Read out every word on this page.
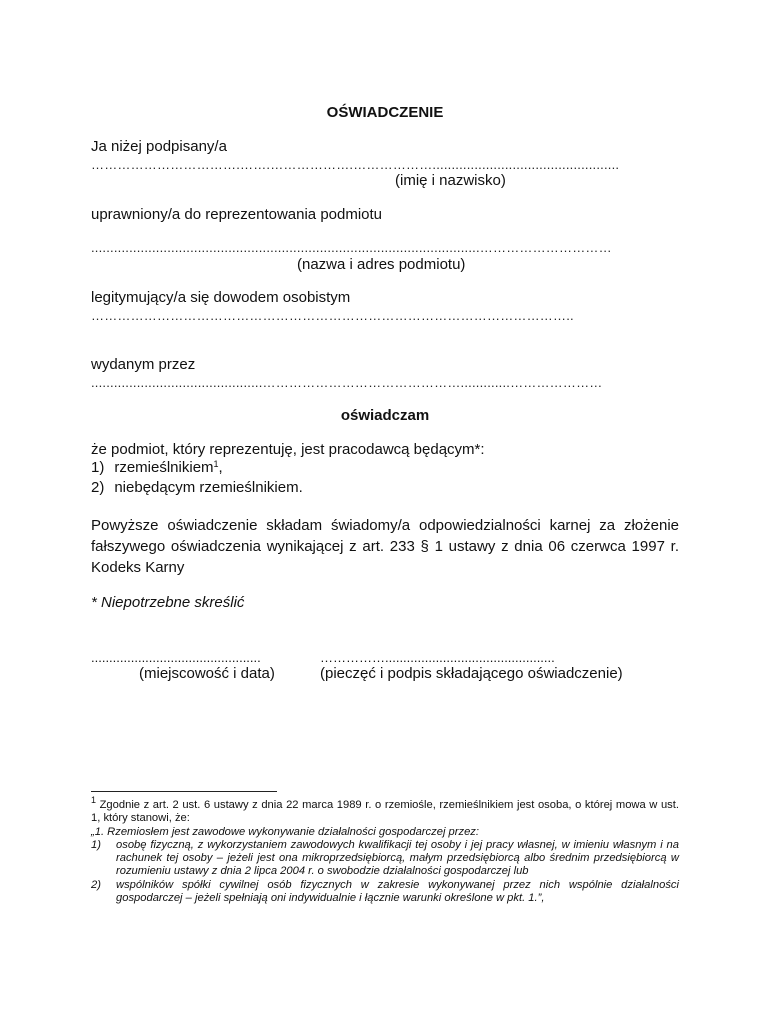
OŚWIADCZENIE
Ja niżej podpisany/a
…………………………….…….……………….……………….................................................
(imię i nazwisko)
uprawniony/a do reprezentowania podmiotu
......................................................................................................…………………………
(nazwa i adres podmiotu)
legitymujący/a się dowodem osobistym
………………………………………………………………………………………………..
wydanym przez
.............................................……………………………………….............…………………
oświadczam
że podmiot, który reprezentuję, jest pracodawcą będącym*:
1) rzemieślnikiem$^1$,
2) niebędącym rzemieślnikiem.
Powyższe oświadczenie składam świadomy/a odpowiedzialności karnej za złożenie fałszywego oświadczenia wynikającej z art. 233 § 1 ustawy z dnia 06 czerwca 1997 r. Kodeks Karny
* Niepotrzebne skreślić
...............................................	……………...............................................
(miejscowość i data)	(pieczęć i podpis składającego oświadczenie)
$^1$ Zgodnie z art. 2 ust. 6 ustawy z dnia 22 marca 1989 r. o rzemiośle, rzemieślnikiem jest osoba, o której mowa w ust. 1, który stanowi, że:
„1. Rzemiosłem jest zawodowe wykonywanie działalności gospodarczej przez:
1)	osobę fizyczną, z wykorzystaniem zawodowych kwalifikacji tej osoby i jej pracy własnej, w imieniu własnym i na rachunek tej osoby – jeżeli jest ona mikroprzedsiębiorcą, małym przedsiębiorcą albo średnim przedsiębiorcą w rozumieniu ustawy z dnia 2 lipca 2004 r. o swobodzie działalności gospodarczej lub
2)	wspólników spółki cywilnej osób fizycznych w zakresie wykonywanej przez nich wspólnie działalności gospodarczej – jeżeli spełniają oni indywidualnie i łącznie warunki określone w pkt. 1.”,
